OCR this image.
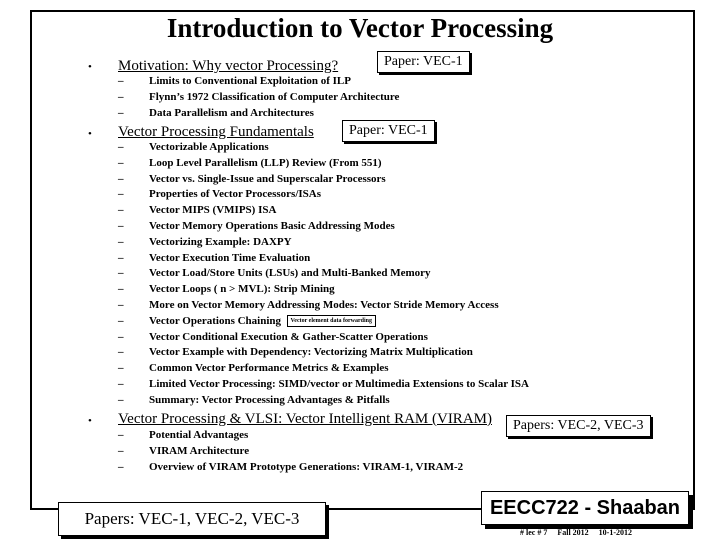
Introduction to Vector Processing
• Motivation: Why vector Processing?	Paper: VEC-1
– Limits to Conventional Exploitation of ILP
– Flynn’s 1972 Classification of Computer Architecture
– Data Parallelism and Architectures
• Vector Processing Fundamentals	Paper: VEC-1
– Vectorizable Applications
– Loop Level Parallelism (LLP) Review (From 551)
– Vector vs. Single-Issue and Superscalar Processors
– Properties of Vector Processors/ISAs
– Vector MIPS (VMIPS) ISA
– Vector Memory Operations Basic Addressing Modes
– Vectorizing Example: DAXPY
– Vector Execution Time Evaluation
– Vector Load/Store Units (LSUs) and Multi-Banked Memory
– Vector Loops ( n > MVL): Strip Mining
– More on Vector Memory Addressing Modes: Vector Stride Memory Access
– Vector Operations Chaining Vector element data forwarding
– Vector Conditional Execution & Gather-Scatter Operations
– Vector Example with Dependency: Vectorizing Matrix Multiplication
– Common Vector Performance Metrics & Examples
– Limited Vector Processing: SIMD/vector or Multimedia Extensions to Scalar ISA
– Summary: Vector Processing Advantages & Pitfalls
• Vector Processing & VLSI: Vector Intelligent RAM (VIRAM)	Papers: VEC-2, VEC-3
– Potential Advantages
– VIRAM Architecture
– Overview of VIRAM Prototype Generations: VIRAM-1, VIRAM-2
Papers: VEC-1, VEC-2, VEC-3	EECC722 - Shaaban
# lec # 7 Fall 2012 10-1-2012
